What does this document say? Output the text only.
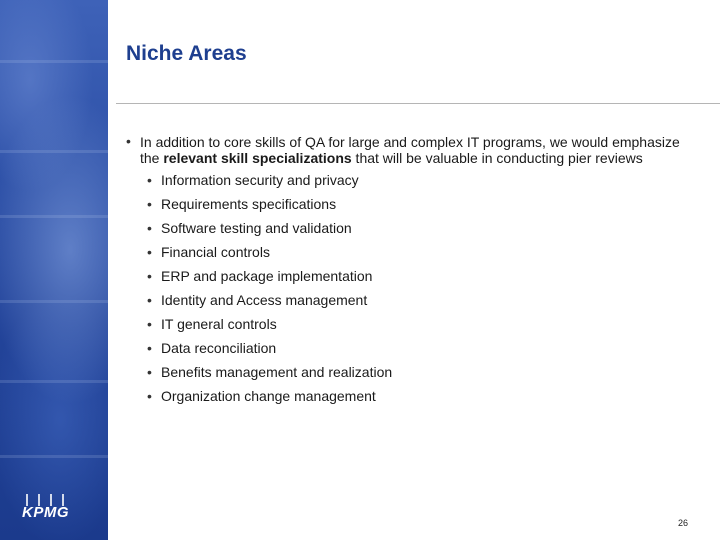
KPMG
Niche Areas
• In addition to core skills of QA for large and complex IT programs, we would emphasize the relevant skill specializations that will be valuable in conducting pier reviews
• Information security and privacy
• Requirements specifications
• Software testing and validation
• Financial controls
• ERP and package implementation
• Identity and Access management
• IT general controls
• Data reconciliation
• Benefits management and realization
• Organization change management
26
